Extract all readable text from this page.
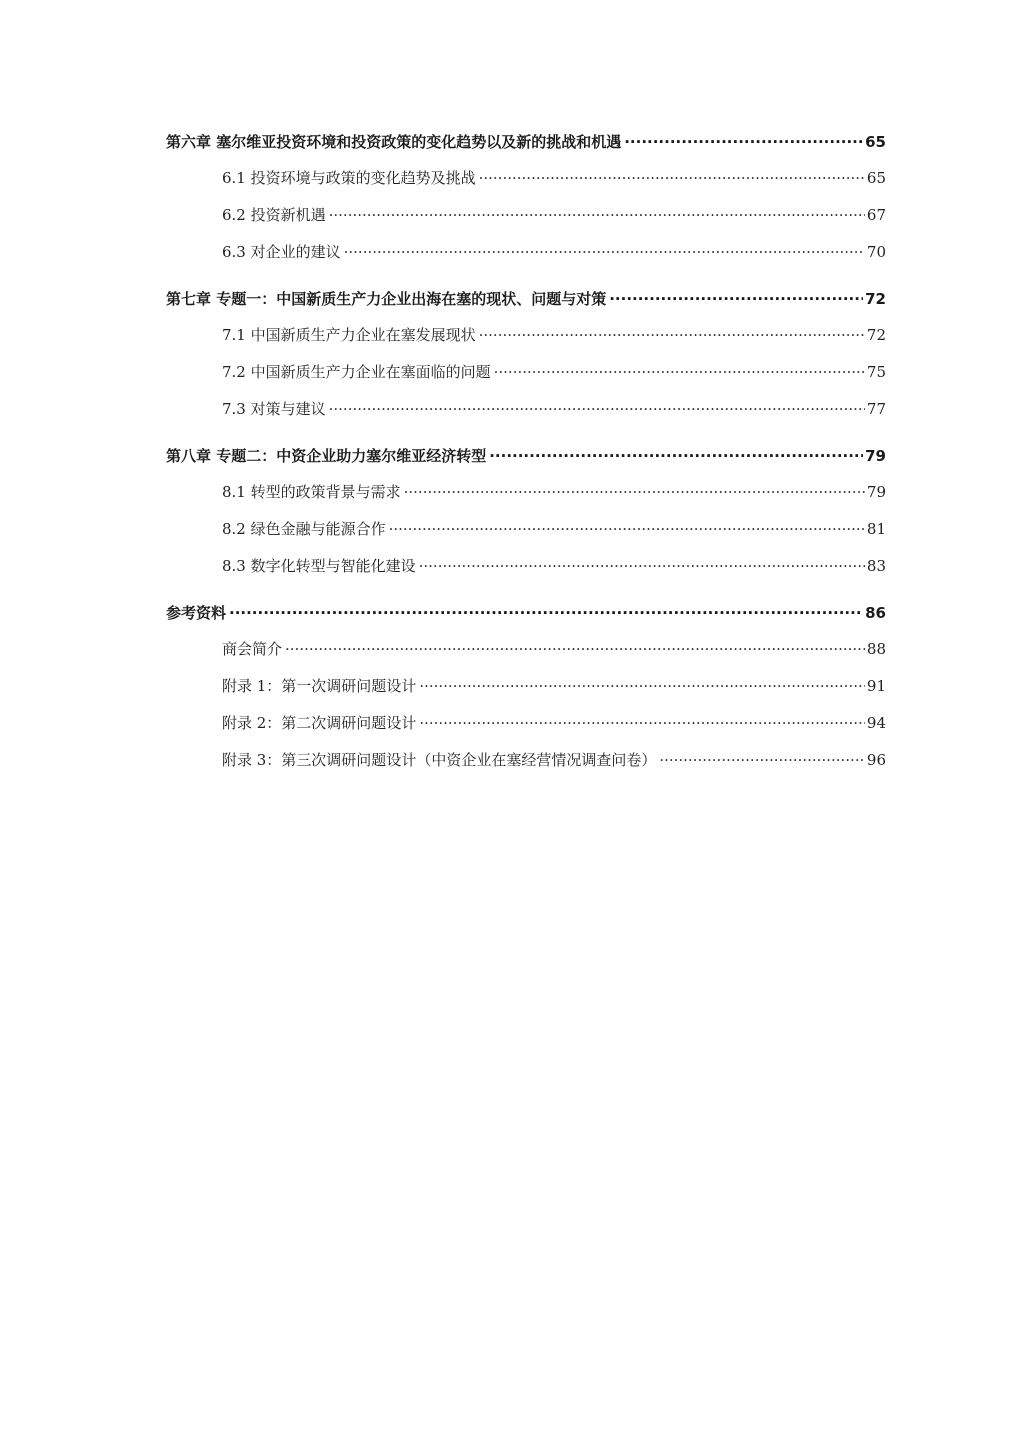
第六章 塞尔维亚投资环境和投资政策的变化趋势以及新的挑战和机遇 ·····	65
6.1 投资环境与政策的变化趋势及挑战 ·····	65
6.2 投资新机遇 ·····	67
6.3 对企业的建议 ·····	70
第七章 专题一：中国新质生产力企业出海在塞的现状、问题与对策 ·····	72
7.1 中国新质生产力企业在塞发展现状 ·····	72
7.2 中国新质生产力企业在塞面临的问题 ·····	75
7.3 对策与建议 ·····	77
第八章 专题二：中资企业助力塞尔维亚经济转型 ·····	79
8.1 转型的政策背景与需求 ·····	79
8.2 绿色金融与能源合作 ·····	81
8.3 数字化转型与智能化建设 ·····	83
参考资料 ·····	86
商会简介 ·····	88
附录 1：第一次调研问题设计 ·····	91
附录 2：第二次调研问题设计 ·····	94
附录 3：第三次调研问题设计（中资企业在塞经营情况调查问卷） ·····	96
